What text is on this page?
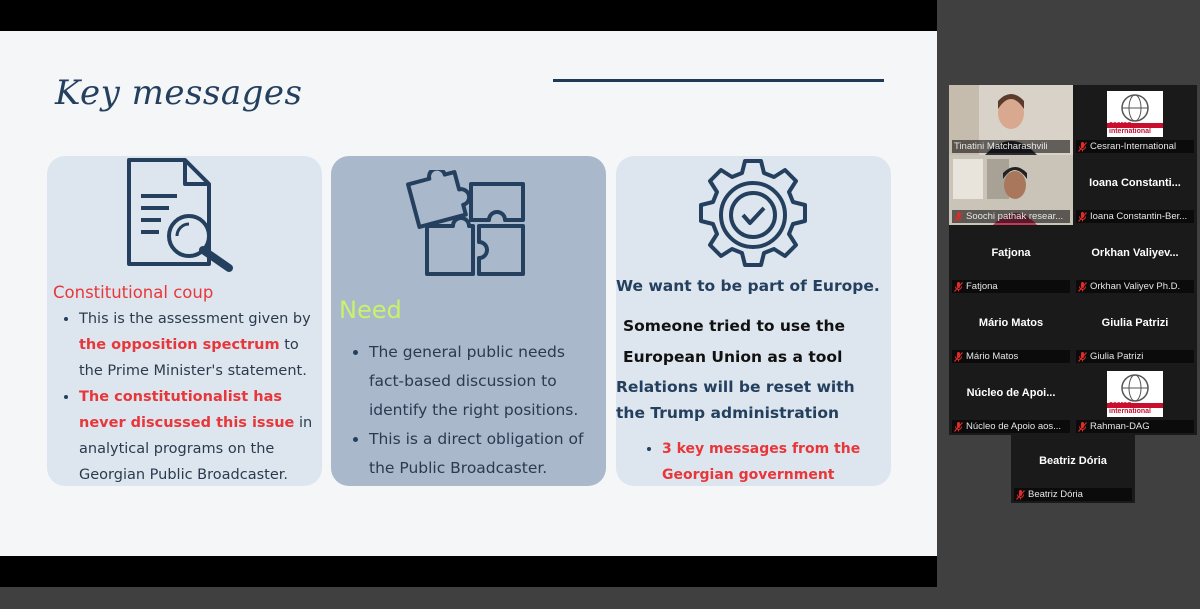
Key messages
Constitutional coup
• This is the assessment given by the opposition spectrum to the Prime Minister's statement.
• The constitutionalist has never discussed this issue in analytical programs on the Georgian Public Broadcaster.
Need
• The general public needs fact-based discussion to identify the right positions.
• This is a direct obligation of the Public Broadcaster.
We want to be part of Europe.
Someone tried to use the European Union as a tool
Relations will be reset with the Trump administration
• 3 key messages from the Georgian government
Tinatini Matcharashvili
cesran international
Cesran-International
Soochi pathak resear...
Ioana Constanti...
Ioana Constantin-Ber...
Fatjona
Fatjona
Orkhan Valiyev...
Orkhan Valiyev Ph.D.
Mário Matos
Mário Matos
Giulia Patrizi
Giulia Patrizi
Núcleo de Apoi...
Núcleo de Apoio aos...
cesran international
Rahman-DAG
Beatriz Dória
Beatriz Dória
